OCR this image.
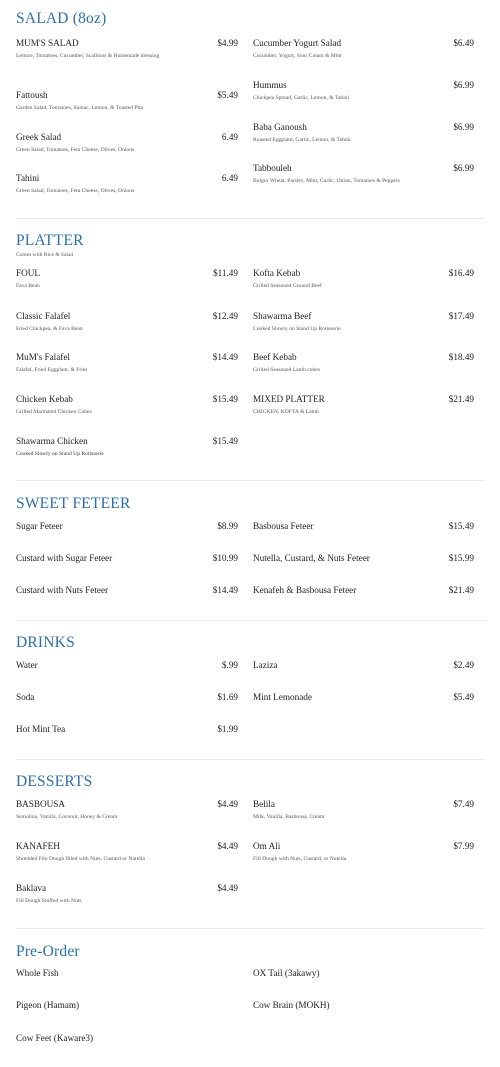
SALAD (8oz)
MUM'S SALAD	$4.99
Lettuce, Tomatoes, Cucumber, Scallions & Homemade dressing
Fattoush	$5.49
Garden Salad, Tomatoes, Sumac, Lemon, & Toasted Pita
Greek Salad	6.49
Green Salad, Tomatoes, Feta Cheese, Olives, Onions
Tahini	6.49
Green Salad, Tomatoes, Feta Cheese, Olives, Onions
Cucumber Yogurt Salad	$6.49
Cucumber, Yogurt, Sour Cream & Mint
Hummus	$6.99
Chickpea Spread, Garlic, Lemon, & Tahini
Baba Ganoush	$6.99
Roasted Eggplant, Garlic, Lemon, & Tahini
Tabbouleh	$6.99
Bulgur Wheat, Parsley, Mint, Garlic, Onion, Tomatoes & Peppers
PLATTER
Comes with Rice & Salad
FOUL	$11.49
Fava Bean
Classic Falafel	$12.49
Fried Chickpea, & Fava Bean
MuM's Falafel	$14.49
Falafel, Fried Eggplant, & Fries
Chicken Kebab	$15.49
Grilled Marinated Chicken Cubes
Shawarma Chicken	$15.49
Cooked Slowly on Stand Up Rotisserie
Kofta Kebab	$16.49
Grilled Seasoned Ground Beef
Shawarma Beef	$17.49
Cooked Slowly on Stand Up Rotisserie
Beef Kebab	$18.49
Grilled Seasoned Lamb cubes
MIXED PLATTER	$21.49
CHICKEN, KOFTA & Lamb
SWEET FETEER
Sugar Feteer	$8.99
Custard with Sugar Feteer	$10.99
Custard with Nuts Feteer	$14.49
Basbousa Feteer	$15.49
Nutella, Custard, & Nuts Feteer	$15.99
Kenafeh & Basbousa Feteer	$21.49
DRINKS
Water	$.99
Soda	$1.69
Hot Mint Tea	$1.99
Laziza	$2.49
Mint Lemonade	$5.49
DESSERTS
BASBOUSA	$4.49
Semolina, Vanilla, Coconut, Honey & Cream
KANAFEH	$4.49
Shredded Filo Dough filled with Nuts, Custard or Nutella
Baklava	$4.49
Fill Dough Stuffed with Nuts
Belila	$7.49
Milk, Vanilla, Basbousa, Cream
Om Ali	$7.99
Fill Dough with Nuts, Custard, or Nutella
Pre-Order
Whole Fish
Pigeon (Hamam)
Cow Feet (Kaware3)
OX Tail (3akawy)
Cow Brain (MOKH)
